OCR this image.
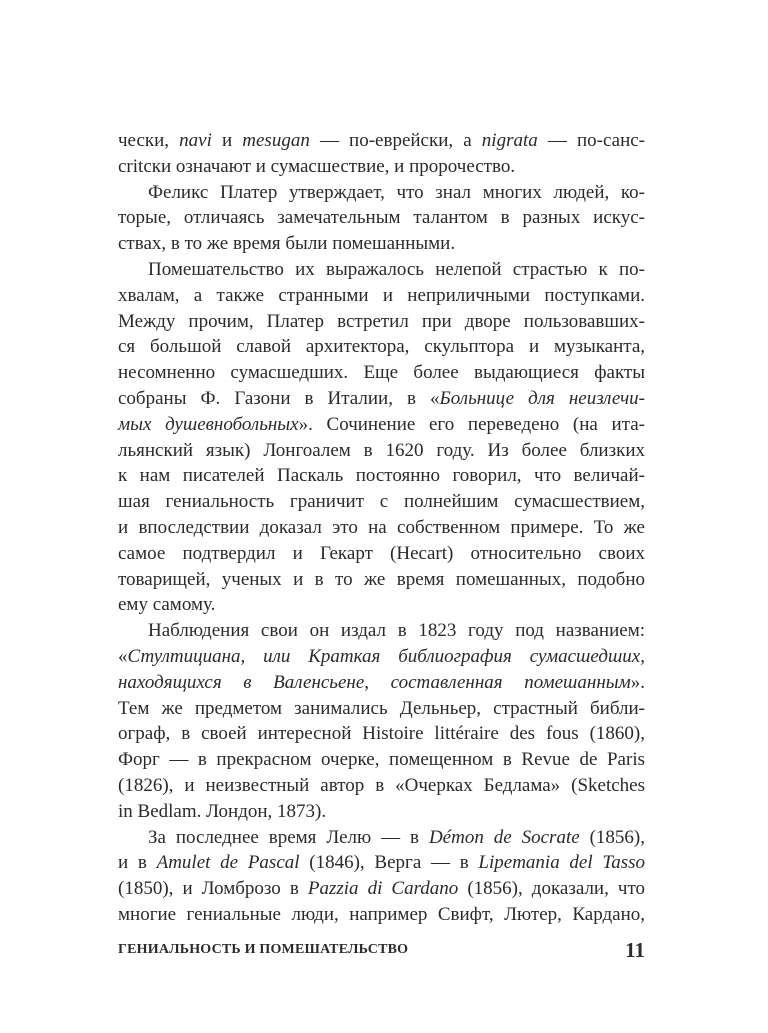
чески, navi и mesugan — по-еврейски, а nigrata — по-санс-
critски означают и сумасшествие, и пророчество.
Феликс Платер утверждает, что знал многих людей, ко-
торые, отличаясь замечательным талантом в разных искус-
ствах, в то же время были помешанными.
Помешательство их выражалось нелепой страстью к по-
хвалам, а также странными и неприличными поступками.
Между прочим, Платер встретил при дворе пользовавших-
ся большой славой архитектора, скульптора и музыканта,
несомненно сумасшедших. Еще более выдающиеся факты
собраны Ф. Газони в Италии, в «Больнице для неизлечи-
мых душевнобольных». Сочинение его переведено (на ита-
льянский язык) Лонгоалем в 1620 году. Из более близких
к нам писателей Паскаль постоянно говорил, что величай-
шая гениальность граничит с полнейшим сумасшествием,
и впоследствии доказал это на собственном примере. То же
самое подтвердил и Гекарт (Hecart) относительно своих
товарищей, ученых и в то же время помешанных, подобно
ему самому.
Наблюдения свои он издал в 1823 году под названием:
«Стултициана, или Краткая библиография сумасшедших,
находящихся в Валенсьене, составленная помешанным».
Тем же предметом занимались Дельньер, страстный библи-
ограф, в своей интересной Histoire littéraire des fous (1860),
Форг — в прекрасном очерке, помещенном в Revue de Paris
(1826), и неизвестный автор в «Очерках Бедлама» (Sketches
in Bedlam. Лондон, 1873).
За последнее время Лелю — в Démon de Socrate (1856),
и в Amulet de Pascal (1846), Верга — в Lipemania del Tasso
(1850), и Ломброзо в Pazzia di Cardano (1856), доказали, что
многие гениальные люди, например Свифт, Лютер, Кардано,
ГЕНИАЛЬНОСТЬ И ПОМЕШАТЕЛЬСТВО	11
